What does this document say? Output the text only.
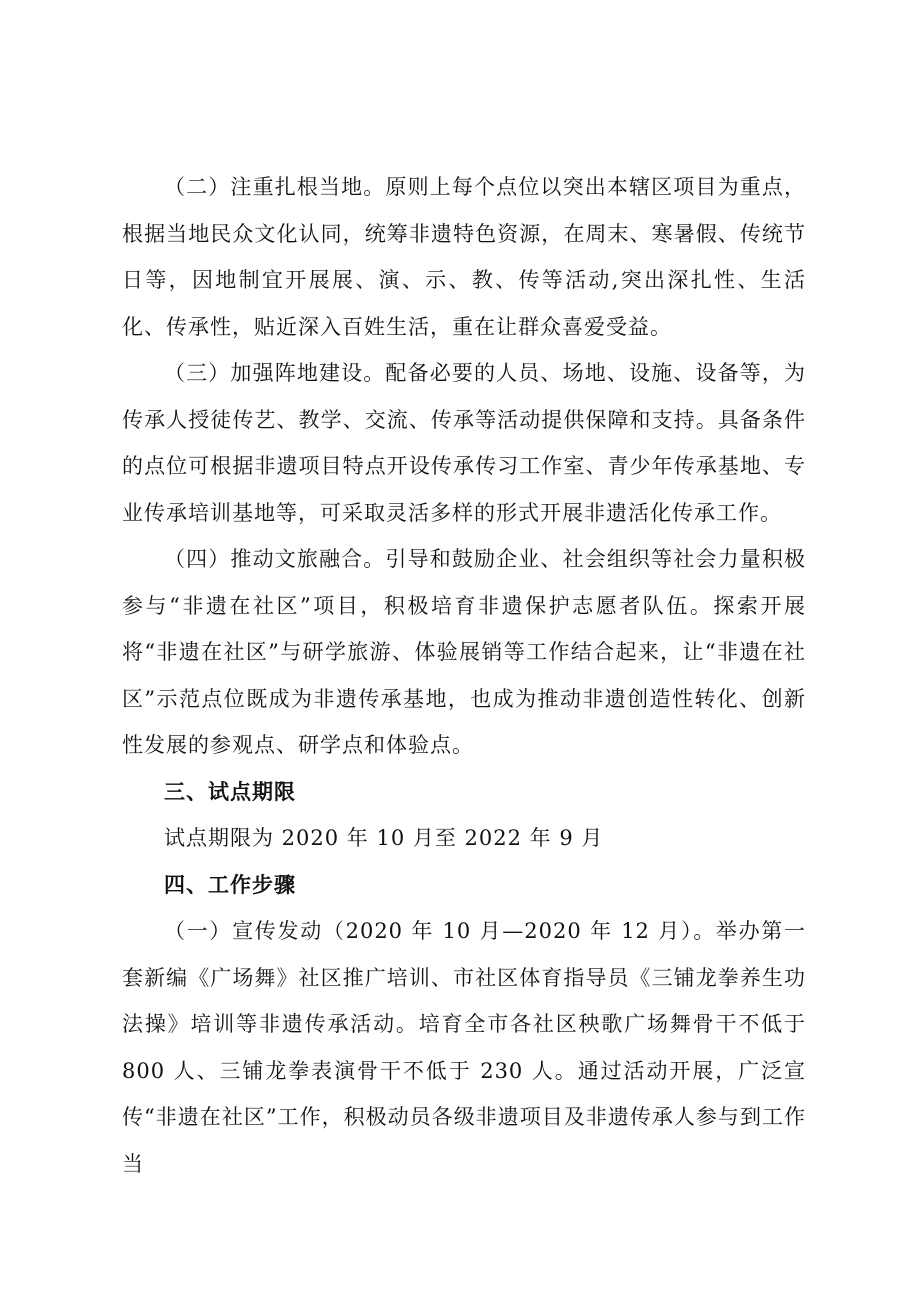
（二）注重扎根当地。原则上每个点位以突出本辖区项目为重点，根据当地民众文化认同，统筹非遗特色资源，在周末、寒暑假、传统节日等，因地制宜开展展、演、示、教、传等活动,突出深扎性、生活化、传承性，贴近深入百姓生活，重在让群众喜爱受益。

（三）加强阵地建设。配备必要的人员、场地、设施、设备等，为传承人授徒传艺、教学、交流、传承等活动提供保障和支持。具备条件的点位可根据非遗项目特点开设传承传习工作室、青少年传承基地、专业传承培训基地等，可采取灵活多样的形式开展非遗活化传承工作。

（四）推动文旅融合。引导和鼓励企业、社会组织等社会力量积极参与“非遗在社区”项目，积极培育非遗保护志愿者队伍。探索开展将“非遗在社区”与研学旅游、体验展销等工作结合起来，让“非遗在社区”示范点位既成为非遗传承基地，也成为推动非遗创造性转化、创新性发展的参观点、研学点和体验点。

三、试点期限

试点期限为 2020 年 10 月至 2022 年 9 月

四、工作步骤

（一）宣传发动（2020 年 10 月—2020 年 12 月）。举办第一套新编《广场舞》社区推广培训、市社区体育指导员《三铺龙拳养生功法操》培训等非遗传承活动。培育全市各社区秧歌广场舞骨干不低于 800 人、三铺龙拳表演骨干不低于 230 人。通过活动开展，广泛宣传“非遗在社区”工作，积极动员各级非遗项目及非遗传承人参与到工作当
